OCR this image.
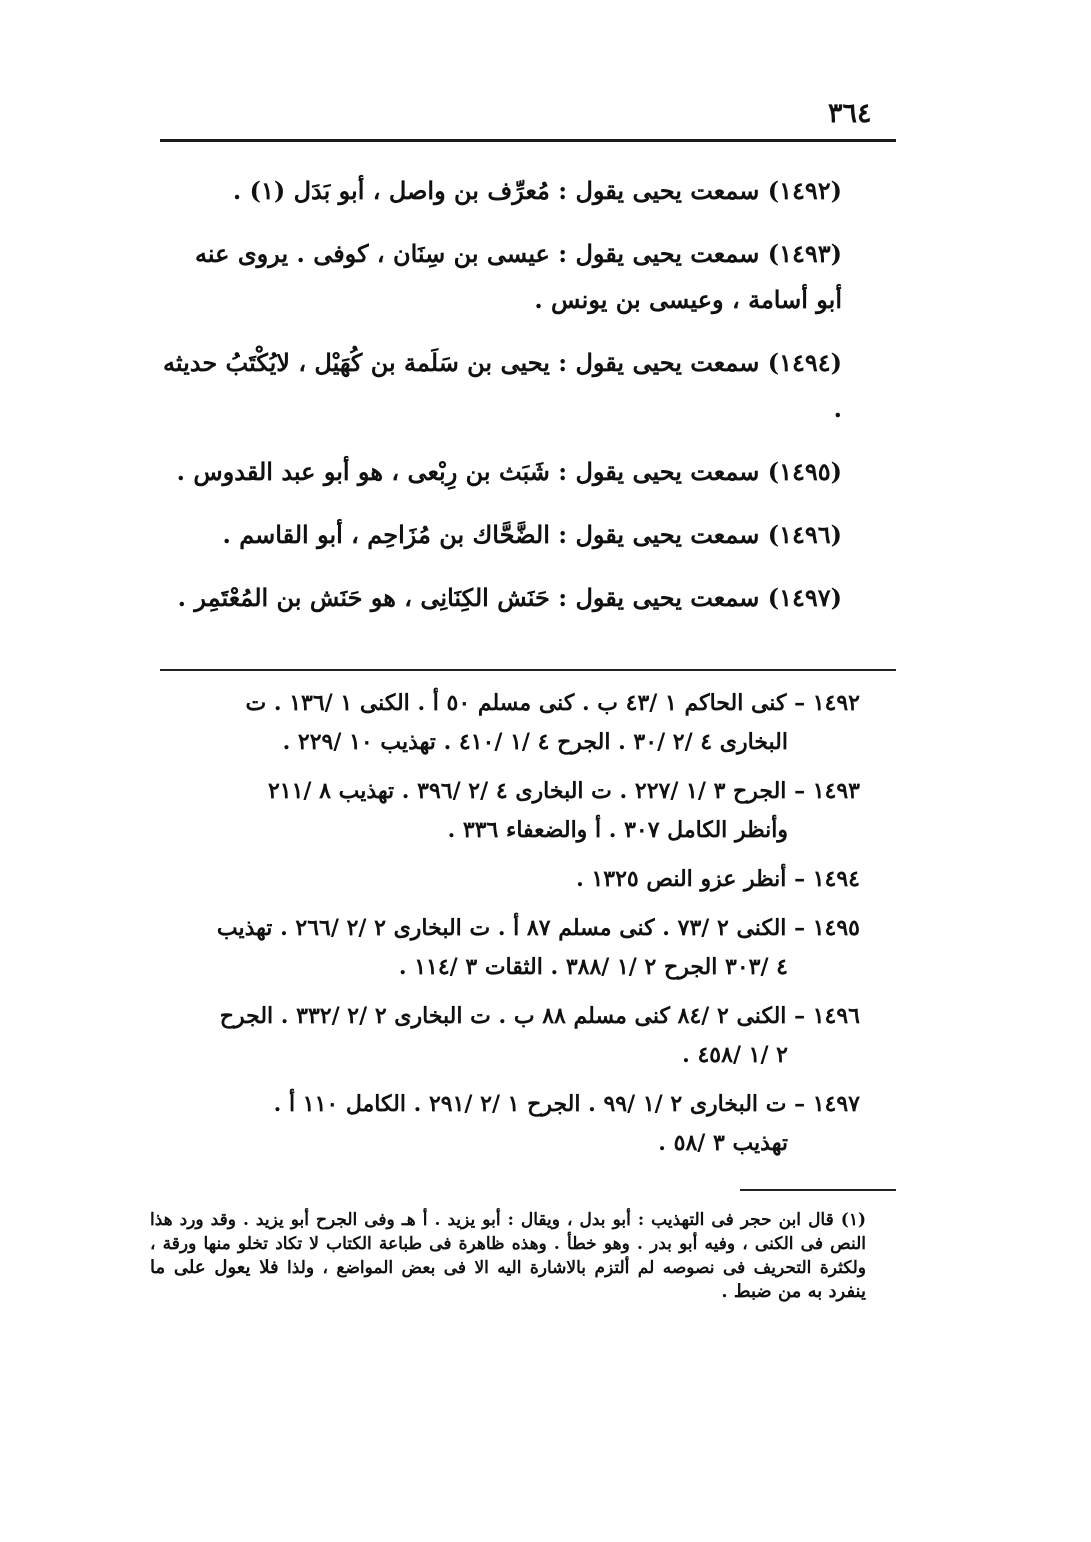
٣٦٤

(١٤٩٢) سمعت يحيى يقول : مُعرِّف بن واصل ، أبو بَدَل (١) .

(١٤٩٣) سمعت يحيى يقول : عيسى بن سِنَان ، كوفى . يروى عنه أبو أسامة ، وعيسى بن يونس .

(١٤٩٤) سمعت يحيى يقول : يحيى بن سَلَمة بن كُهَيْل ، لايُكْتَبُ حديثه .

(١٤٩٥) سمعت يحيى يقول : شَبَث بن رِبْعى ، هو أبو عبد القدوس .

(١٤٩٦) سمعت يحيى يقول : الضَّحَّاك بن مُزَاحِم ، أبو القاسم .

(١٤٩٧) سمعت يحيى يقول : حَنَش الكِنَانِى ، هو حَنَش بن المُعْتَمِر .

١٤٩٢ – كنى الحاكم ١ /٤٣ ب . كنى مسلم ٥٠ أ . الكنى ١ /١٣٦ . ت
البخارى ٤ /٢ /٣٠ . الجرح ٤ /١ /٤١٠ . تهذيب ١٠ /٢٢٩ .
١٤٩٣ – الجرح ٣ /١ /٢٢٧ . ت البخارى ٤ /٢ /٣٩٦ . تهذيب ٨ /٢١١
وأنظر الكامل ٣٠٧ . أ والضعفاء ٣٣٦ .
١٤٩٤ – أنظر عزو النص ١٣٢٥ .
١٤٩٥ – الكنى ٢ /٧٣ . كنى مسلم ٨٧ أ . ت البخارى ٢ /٢ /٢٦٦ . تهذيب
٤ /٣٠٣ الجرح ٢ /١ /٣٨٨ . الثقات ٣ /١١٤ .
١٤٩٦ – الكنى ٢ /٨٤ كنى مسلم ٨٨ ب . ت البخارى ٢ /٢ /٣٣٢ . الجرح
٢ /١ /٤٥٨ .
١٤٩٧ – ت البخارى ٢ /١ /٩٩ . الجرح ١ /٢ /٢٩١ . الكامل ١١٠ أ .
تهذيب ٣ /٥٨ .
(١) قال ابن حجر فى التهذيب : أبو بدل ، ويقال : أبو يزيد . أ هـ وفى الجرح أبو يزيد . وقد ورد هذا النص فى الكنى ، وفيه أبو بدر . وهو خطأ . وهذه ظاهرة فى طباعة الكتاب لا تكاد تخلو منها ورقة ، ولكثرة التحريف فى نصوصه لم ألتزم بالاشارة اليه الا فى بعض المواضع ، ولذا فلا يعول على ما ينفرد به من ضبط .
